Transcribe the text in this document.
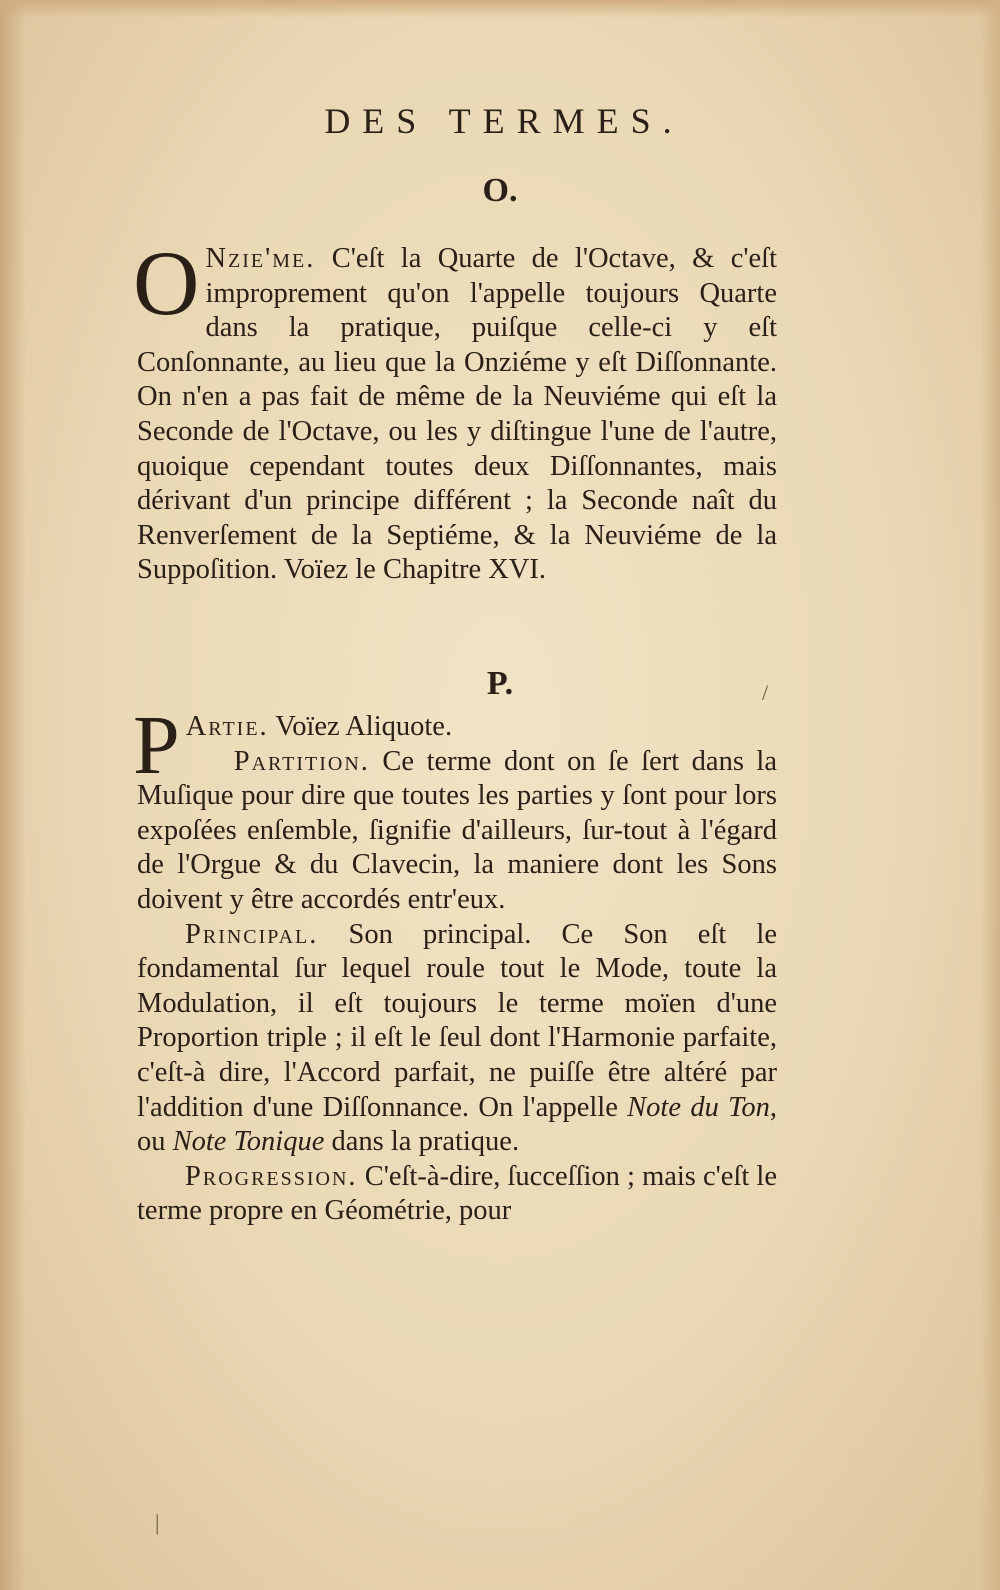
DES TERMES.
O.

O Nzie'me. C'eſt la Quarte de l'Octave, & c'eſt improprement qu'on l'appelle toujours Quarte dans la pratique, puiſque celle-ci y eſt Conſonnante, au lieu que la Onziéme y eſt Diſſonnante. On n'en a pas fait de même de la Neuviéme qui eſt la Seconde de l'Octave, ou les y diſtingue l'une de l'autre, quoique cependant toutes deux Diſſonnantes, mais dérivant d'un principe différent ; la Seconde naît du Renverſement de la Septiéme, & la Neuviéme de la Suppoſition. Voïez le Chapitre XVI.

P.

P Artie. Voïez Aliquote.

Partition. Ce terme dont on ſe ſert dans la Muſique pour dire que toutes les parties y ſont pour lors expoſées enſemble, ſignifie d'ailleurs, ſur-tout à l'égard de l'Orgue & du Clavecin, la maniere dont les Sons doivent y être accordés entr'eux.

Principal. Son principal. Ce Son eſt le fondamental ſur lequel roule tout le Mode, toute la Modulation, il eſt toujours le terme moïen d'une Proportion triple ; il eſt le ſeul dont l'Harmonie parfaite, c'eſt-à dire, l'Accord parfait, ne puiſſe être altéré par l'addition d'une Diſſonnance. On l'appelle Note du Ton, ou Note Tonique dans la pratique.

Progression. C'eſt-à-dire, ſucceſſion ; mais c'eſt le terme propre en Géométrie, pour

/
|
